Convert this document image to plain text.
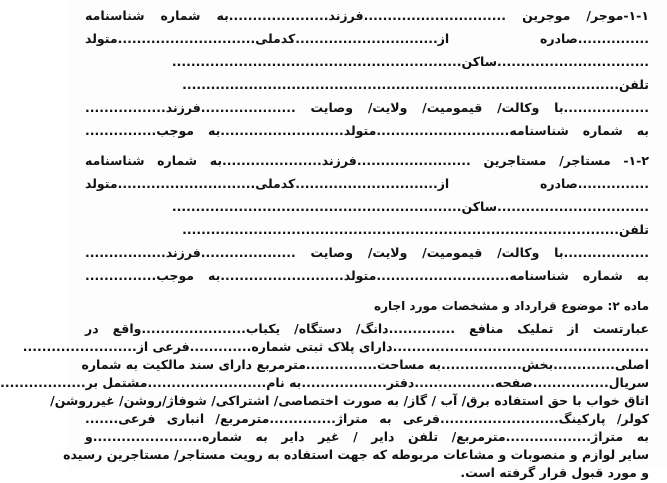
۱-۱-موجر/ موجرین ..............................فرزند.....................به شماره شناسنامه
...............صادره از..............................کدملی.............................متولد
................................ساکن.............................................................
تلفن............................................................................................
..................با وکالت/ قیمومیت/ ولایت/ وصایت ....................فرزند.................
به شماره شناسنامه............................متولد..........................به موجب...............
۱-۲- مستاجر/ مستاجرین ........................فرزند.....................به شماره شناسنامه
...............صادره از..............................کدملی.............................متولد
................................ساکن.............................................................
تلفن............................................................................................
..................با وکالت/ قیمومیت/ ولایت/ وصایت ....................فرزند.................
به شماره شناسنامه............................متولد..........................به موجب...............
ماده ۲: موضوع قرارداد و مشخصات مورد اجاره
عبارتست از تملیک منافع ..............دانگ/ دستگاه/ یکباب......................واقع در
......................................................دارای پلاک ثبتی شماره.............فرعی از........................
اصلی.............بخش.................به مساحت...............مترمربع دارای سند مالکیت به شماره
سریال................صفحه.................دفتر..................به نام.........................مشتمل بر..................
اتاق خواب با حق استفاده برق/ آب / گاز/ به صورت اختصاصی/ اشتراکی/ شوفاژ/روشن/ غیرروشن/
کولر/ پارکینگ.........................فرعی به متراژ..............مترمربع/ انباری فرعی.......
به متراژ..................مترمربع/ تلفن دایر / غیر دایر به شماره.......................و
سایر لوازم و منصوبات و مشاعات مربوطه که جهت استفاده به رویت مستاجر/ مستاجرین رسیده
و مورد قبول قرار گرفته است.
